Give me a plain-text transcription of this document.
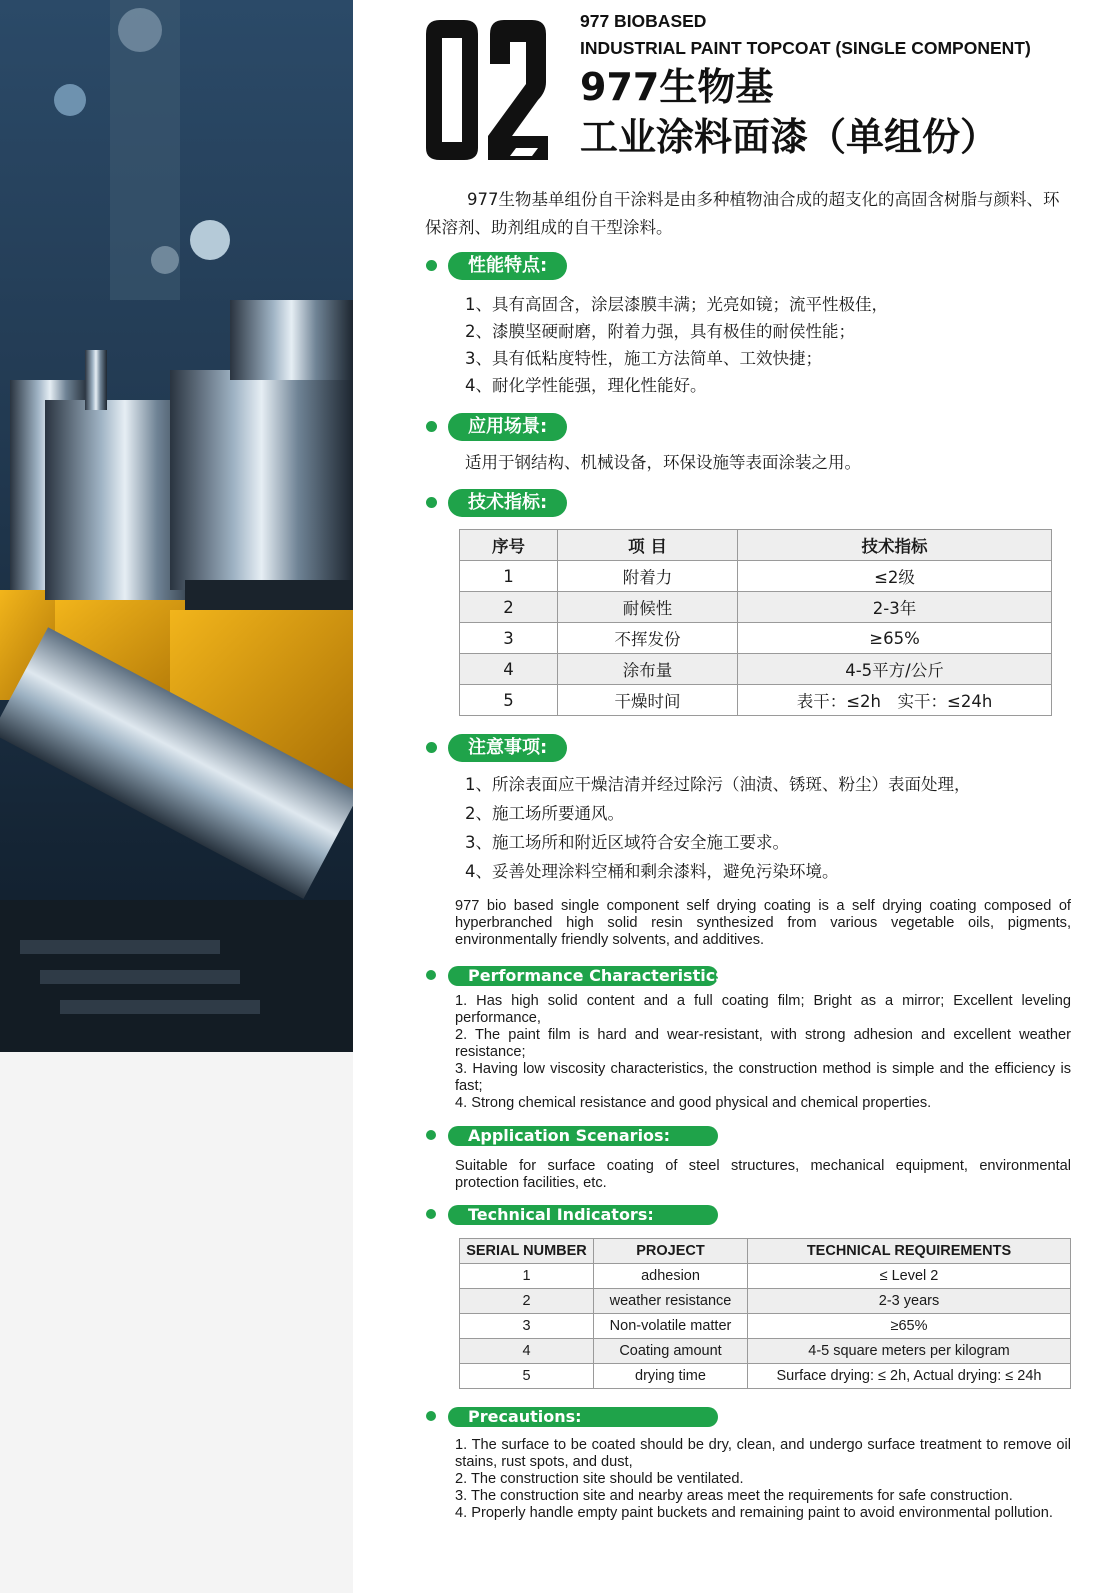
977 BIOBASED
INDUSTRIAL PAINT TOPCOAT (SINGLE COMPONENT)
977生物基
工业涂料面漆（单组份）
977生物基单组份自干涂料是由多种植物油合成的超支化的高固含树脂与颜料、环保溶剂、助剂组成的自干型涂料。
性能特点:
1、具有高固含，涂层漆膜丰满；光亮如镜；流平性极佳，
2、漆膜坚硬耐磨，附着力强，具有极佳的耐侯性能；
3、具有低粘度特性，施工方法简单、工效快捷；
4、耐化学性能强，理化性能好。
应用场景:
适用于钢结构、机械设备，环保设施等表面涂装之用。
技术指标:
序号	项 目	技术指标
1	附着力	≤2级
2	耐候性	2-3年
3	不挥发份	≥65%
4	涂布量	4-5平方/公斤
5	干燥时间	表干：≤2h　实干：≤24h
注意事项:
1、所涂表面应干燥洁清并经过除污（油渍、锈斑、粉尘）表面处理，
2、施工场所要通风。
3、施工场所和附近区域符合安全施工要求。
4、妥善处理涂料空桶和剩余漆料，避免污染环境。
977 bio based single component self drying coating is a self drying coating composed of hyperbranched high solid resin synthesized from various vegetable oils, pigments, environmentally friendly solvents, and additives.
Performance Characteristics:
1. Has high solid content and a full coating film; Bright as a mirror; Excellent leveling performance,
2. The paint film is hard and wear-resistant, with strong adhesion and excellent weather resistance;
3. Having low viscosity characteristics, the construction method is simple and the efficiency is fast;
4. Strong chemical resistance and good physical and chemical properties.
Application Scenarios:
Suitable for surface coating of steel structures, mechanical equipment, environmental protection facilities, etc.
Technical Indicators:
SERIAL NUMBER	PROJECT	TECHNICAL REQUIREMENTS
1	adhesion	≤ Level 2
2	weather resistance	2-3 years
3	Non-volatile matter	≥65%
4	Coating amount	4-5 square meters per kilogram
5	drying time	Surface drying: ≤ 2h, Actual drying: ≤ 24h
Precautions:
1. The surface to be coated should be dry, clean, and undergo surface treatment to remove oil stains, rust spots, and dust,
2. The construction site should be ventilated.
3. The construction site and nearby areas meet the requirements for safe construction.
4. Properly handle empty paint buckets and remaining paint to avoid environmental pollution.
